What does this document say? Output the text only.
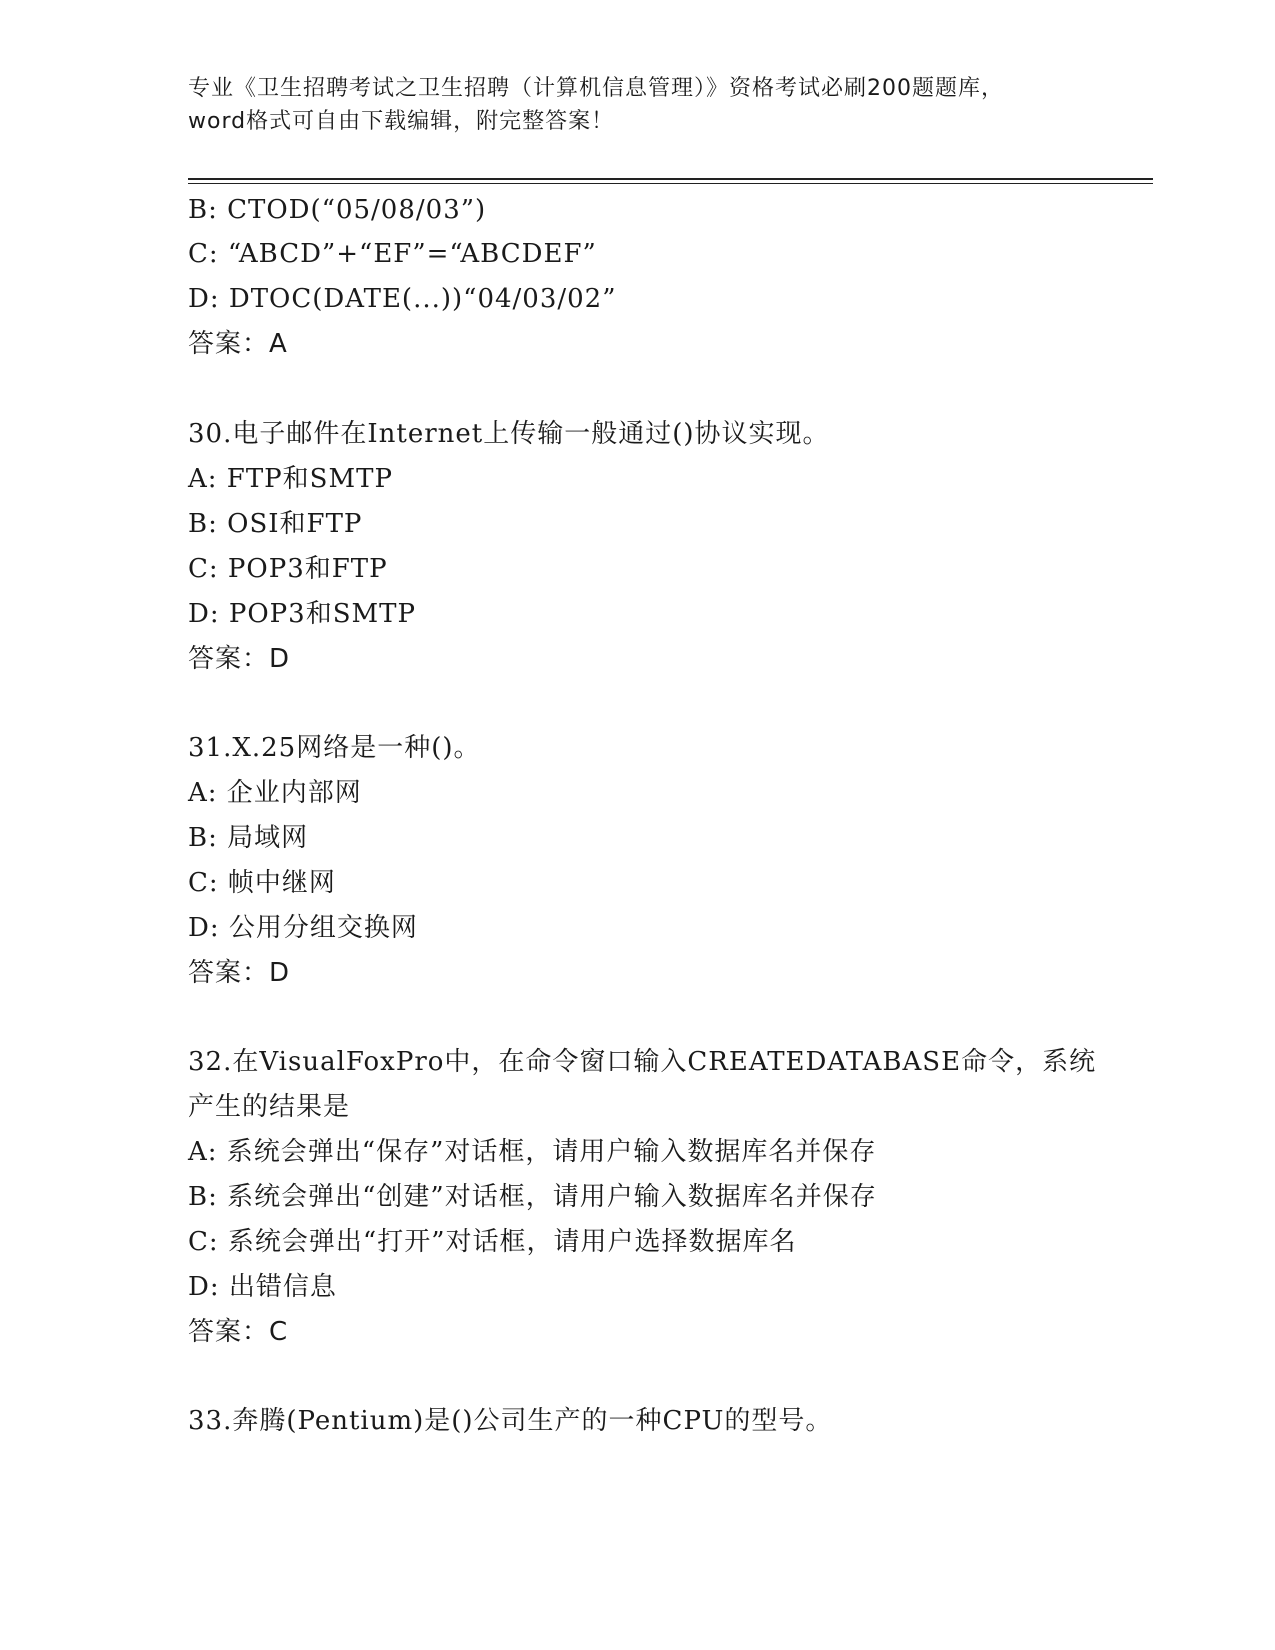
专业《卫生招聘考试之卫生招聘（计算机信息管理）》资格考试必刷200题题库，
word格式可自由下载编辑，附完整答案！
B: CTOD(“05/08/03”)
C: “ABCD”+“EF”=“ABCDEF”
D: DTOC(DATE(...))“04/03/02”
答案：A
30.电子邮件在Internet上传输一般通过()协议实现。
A: FTP和SMTP
B: OSI和FTP
C: POP3和FTP
D: POP3和SMTP
答案：D
31.X.25网络是一种()。
A: 企业内部网
B: 局域网
C: 帧中继网
D: 公用分组交换网
答案：D
32.在VisualFoxPro中，在命令窗口输入CREATEDATABASE命令，系统
产生的结果是
A: 系统会弹出“保存”对话框，请用户输入数据库名并保存
B: 系统会弹出“创建”对话框，请用户输入数据库名并保存
C: 系统会弹出“打开”对话框，请用户选择数据库名
D: 出错信息
答案：C
33.奔腾(Pentium)是()公司生产的一种CPU的型号。
